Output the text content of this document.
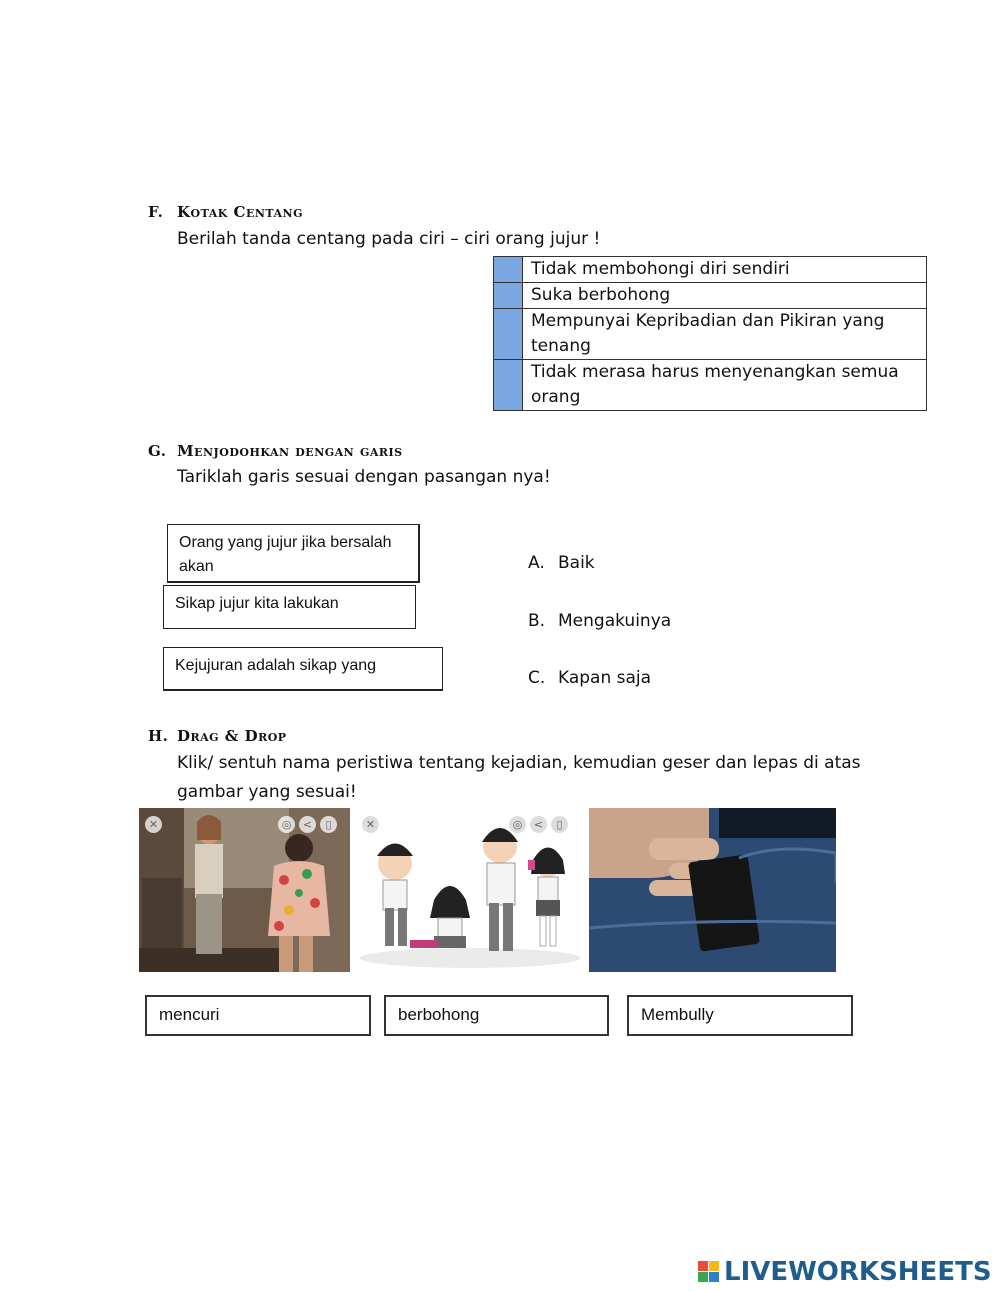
F. Kotak Centang
Berilah tanda centang pada ciri – ciri orang jujur !
	Tidak membohongi diri sendiri
	Suka berbohong
	Mempunyai Kepribadian dan Pikiran yang tenang
	Tidak merasa harus menyenangkan semua orang
G. Menjodohkan dengan garis
Tariklah garis sesuai dengan pasangan nya!
Orang yang jujur jika bersalah akan
Sikap jujur kita lakukan
Kejujuran adalah sikap yang
A. Baik
B. Mengakuinya
C. Kapan saja
H. Drag & Drop
Klik/ sentuh nama peristiwa tentang kejadian, kemudian geser dan lepas di atas
gambar yang sesuai!
✕	◎	<	▯	✕	◎	<	▯
mencuri	berbohong	Membully
LIVEWORKSHEETS
